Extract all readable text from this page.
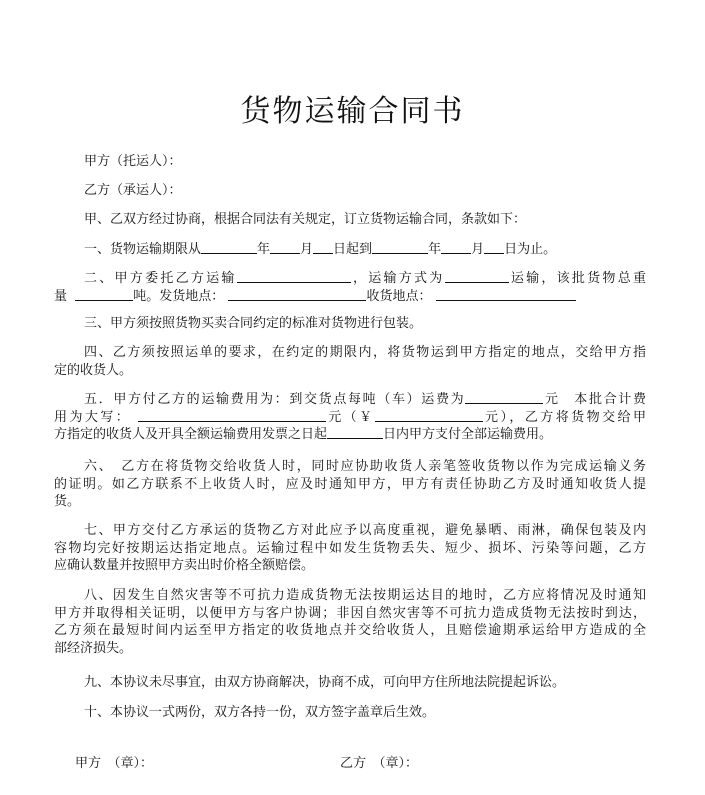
货物运输合同书
甲方（托运人）：
乙方（承运人）：
甲、乙双方经过协商，根据合同法有关规定，订立货物运输合同，条款如下：
一、货物运输期限从	年 月 日起到	年 月 日为止。
二、甲方委托乙方运输	，运输方式为	运输，该批货物总重
量	吨。发货地点：	收货地点：
三、甲方须按照货物买卖合同约定的标准对货物进行包装。
四、乙方须按照运单的要求，在约定的期限内，将货物运到甲方指定的地点，交给甲方指
定的收货人。
五．甲方付乙方的运输费用为：到交货点每吨（车）运费为	元　本批合计费
用为大写：	元（￥	元），乙方将货物交给甲
方指定的收货人及开具全额运输费用发票之日起	日内甲方支付全部运输费用。
六、　乙方在将货物交给收货人时，同时应协助收货人亲笔签收货物以作为完成运输义务
的证明。如乙方联系不上收货人时，应及时通知甲方，甲方有责任协助乙方及时通知收货人提
货。
七、甲方交付乙方承运的货物乙方对此应予以高度重视，避免暴晒、雨淋，确保包装及内
容物均完好按期运达指定地点。运输过程中如发生货物丢失、短少、损坏、污染等问题，乙方
应确认数量并按照甲方卖出时价格全额赔偿。
八、因发生自然灾害等不可抗力造成货物无法按期运达目的地时，乙方应将情况及时通知
甲方并取得相关证明，以便甲方与客户协调；非因自然灾害等不可抗力造成货物无法按时到达，
乙方须在最短时间内运至甲方指定的收货地点并交给收货人，且赔偿逾期承运给甲方造成的全
部经济损失。
九、本协议未尽事宜，由双方协商解决，协商不成，可向甲方住所地法院提起诉讼。
十、本协议一式两份，双方各持一份，双方签字盖章后生效。
甲方　（章）：	乙方　（章）：
